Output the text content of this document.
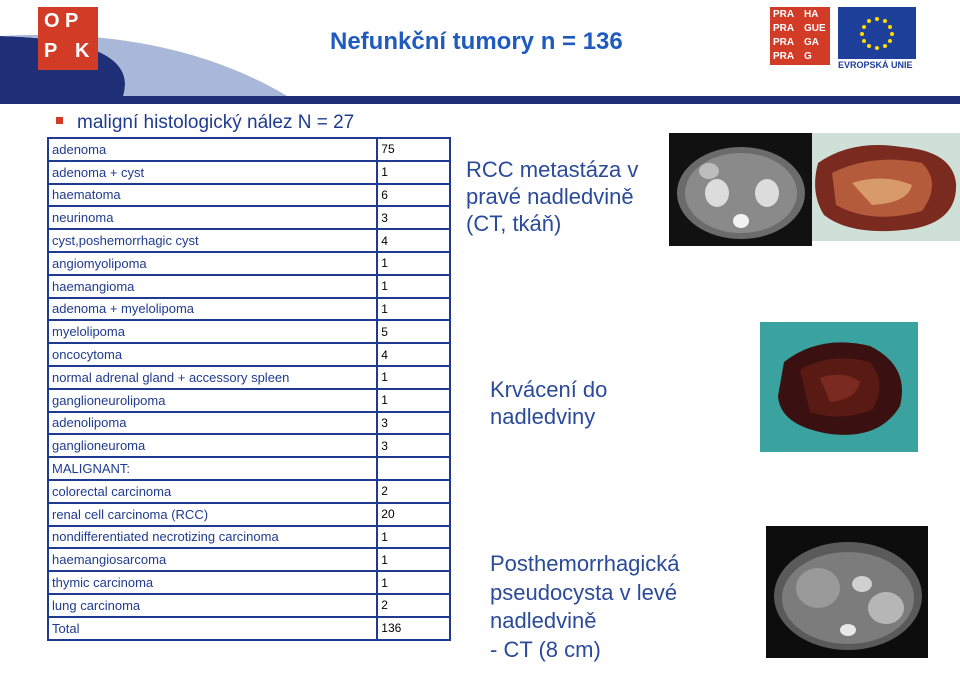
O P
P K	Nefunkční tumory n = 136
PRA HA
PRA GUE
PRA GA
PRA G
EVROPSKÁ UNIE
maligní histologický nález N = 27
adenoma	75
adenoma + cyst	1
haematoma	6
neurinoma	3
cyst,poshemorrhagic cyst	4
angiomyolipoma	1
haemangioma	1
adenoma + myelolipoma	1
myelolipoma	5
oncocytoma	4
normal adrenal gland + accessory spleen	1
ganglioneurolipoma	1
adenolipoma	3
ganglioneuroma	3
MALIGNANT:	
colorectal carcinoma	2
renal cell carcinoma (RCC)	20
nondifferentiated necrotizing carcinoma	1
haemangiosarcoma	1
thymic carcinoma	1
lung carcinoma	2
Total	136
RCC metastáza v
pravé nadledvině
(CT, tkáň)
Krvácení do
nadledviny
Posthemorrhagická
pseudocysta v levé
nadledvině
- CT (8 cm)
